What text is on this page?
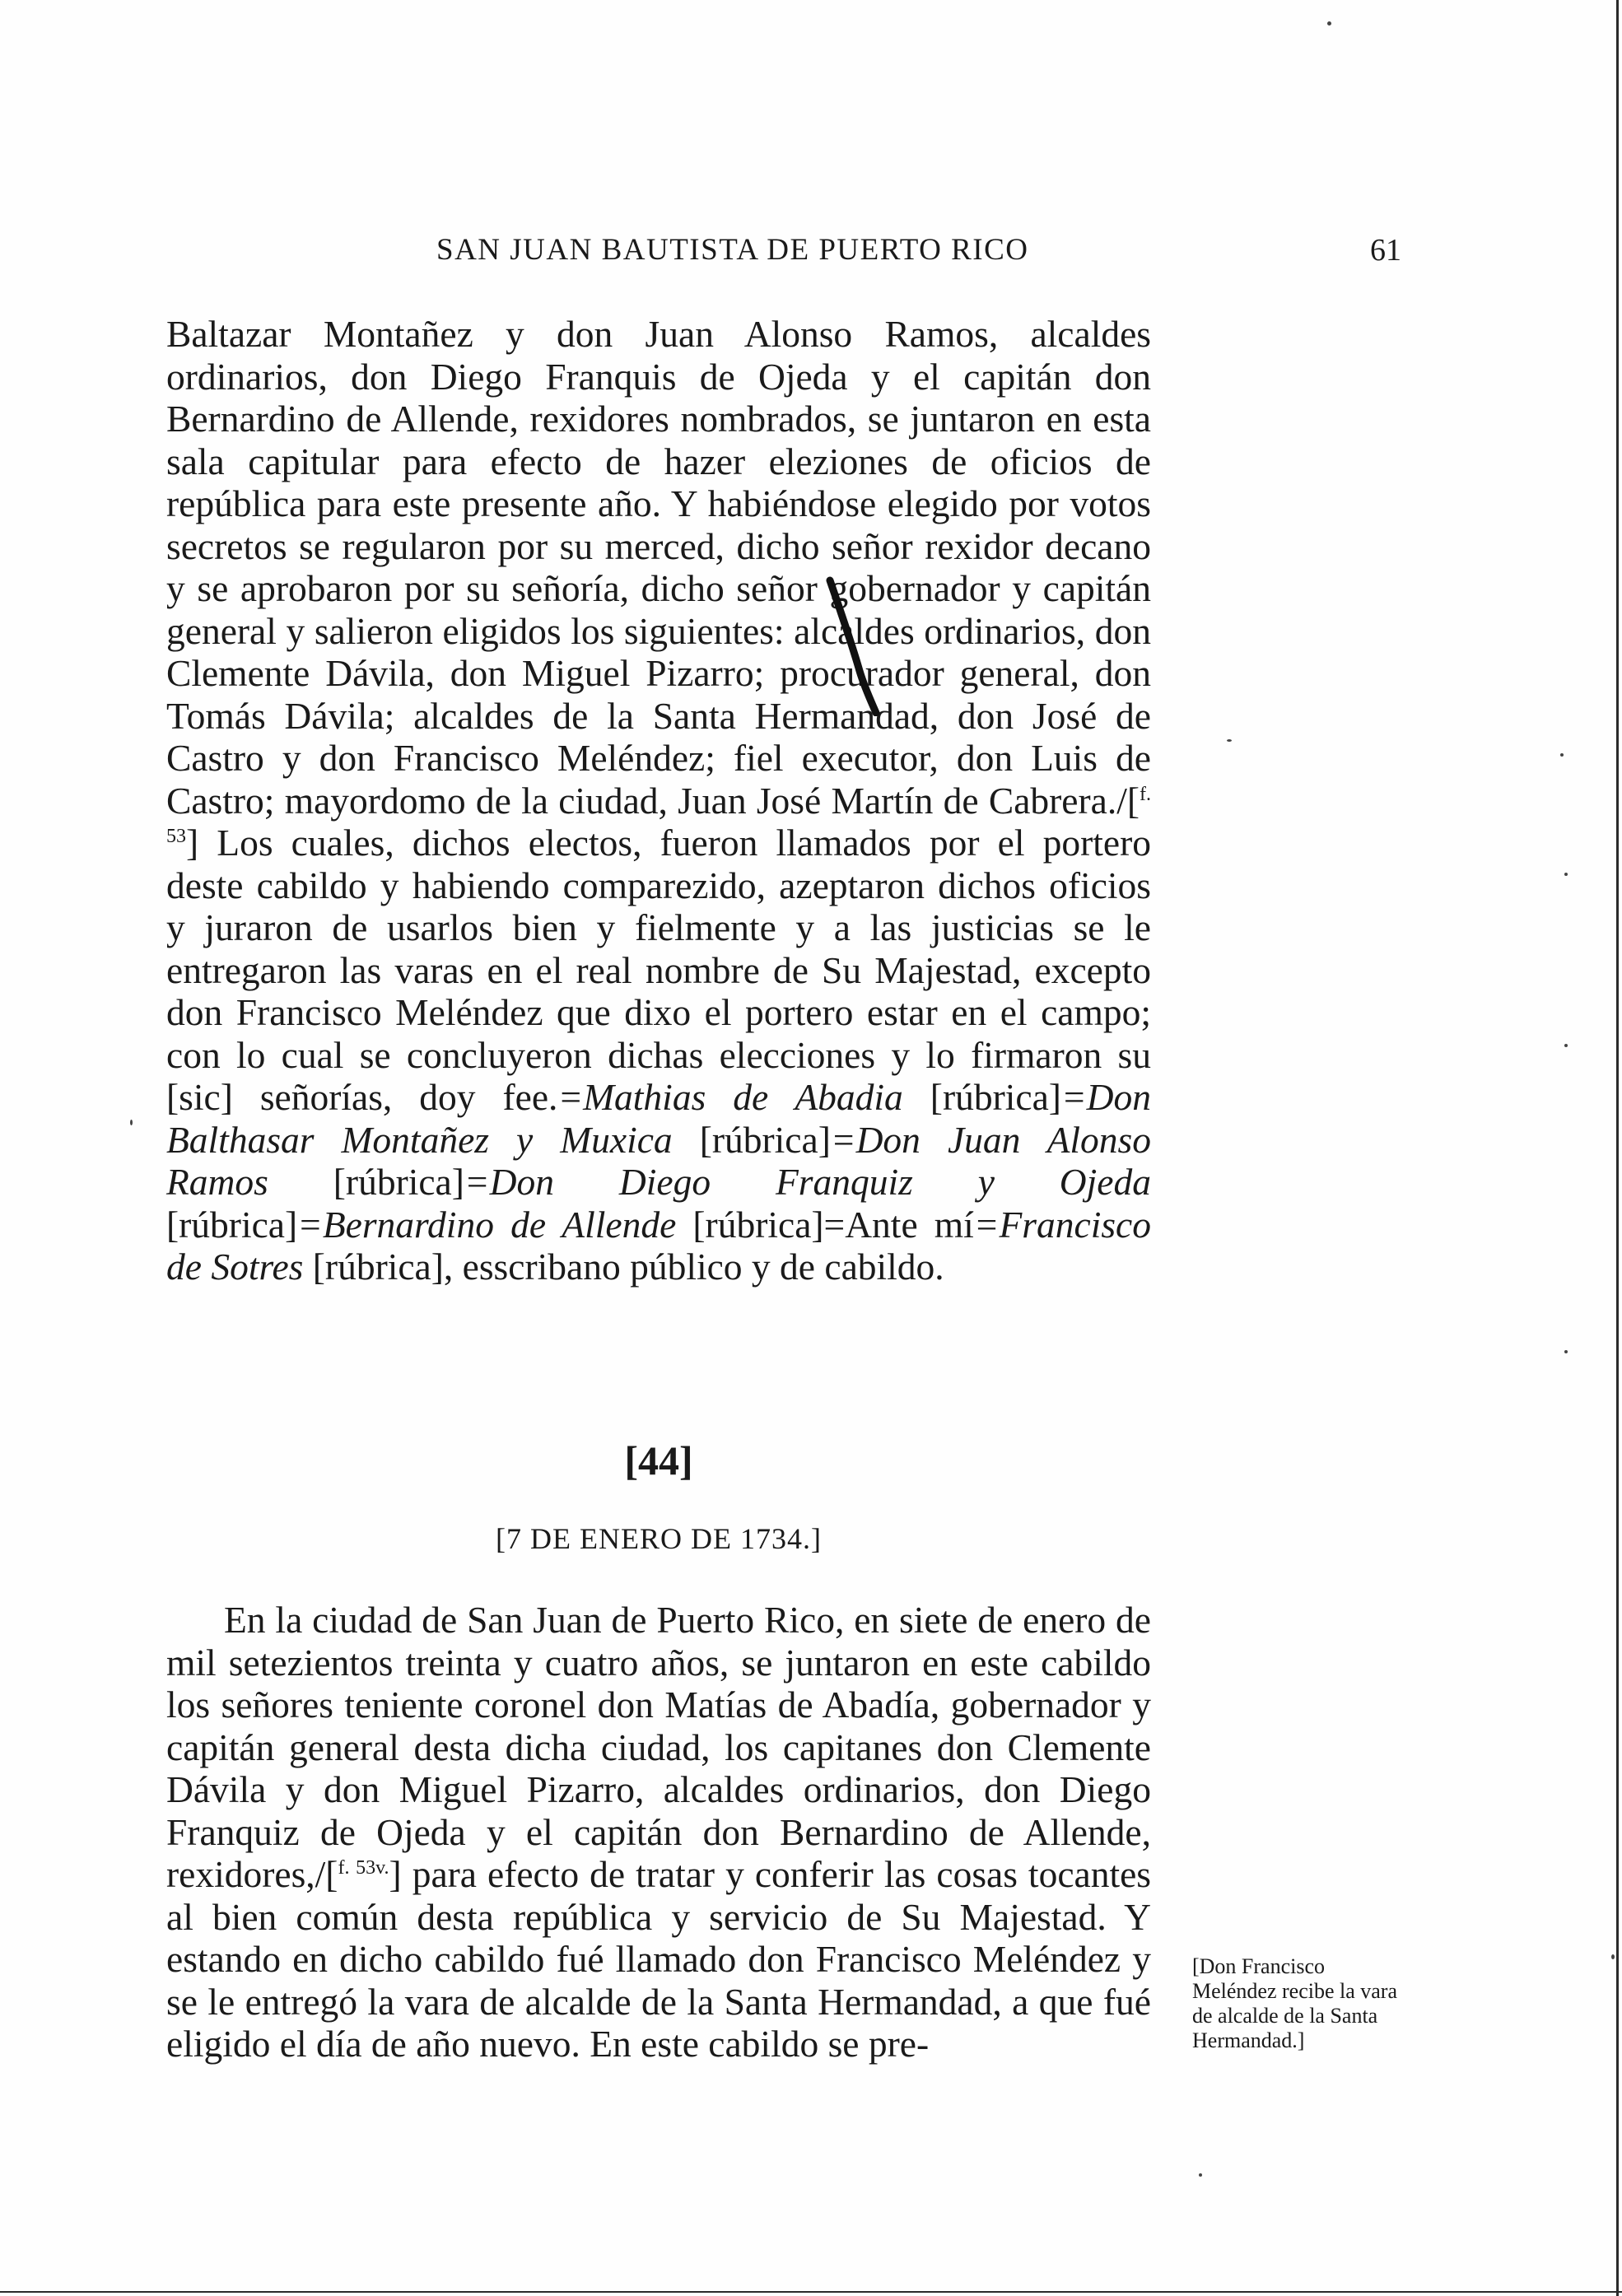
SAN JUAN BAUTISTA DE PUERTO RICO	61

Baltazar Montañez y don Juan Alonso Ramos, alcaldes ordinarios, don Diego Franquis de Ojeda y el capitán don Bernardino de Allende, rexidores nombrados, se juntaron en esta sala capitular para efecto de hazer eleziones de oficios de república para este presente año. Y habiéndose elegido por votos secretos se regularon por su merced, dicho señor rexidor decano y se aprobaron por su señoría, dicho señor gobernador y capitán general y salieron eligidos los siguientes: alcaldes ordinarios, don Clemente Dávila, don Miguel Pizarro; procurador general, don Tomás Dávila; alcaldes de la Santa Hermandad, don José de Castro y don Francisco Meléndez; fiel executor, don Luis de Castro; mayordomo de la ciudad, Juan José Martín de Cabrera./[$^{f. 53}$] Los cuales, dichos electos, fueron llamados por el portero deste cabildo y habiendo comparezido, azeptaron dichos oficios y juraron de usarlos bien y fielmente y a las justicias se le entregaron las varas en el real nombre de Su Majestad, excepto don Francisco Meléndez que dixo el portero estar en el campo; con lo cual se concluyeron dichas elecciones y lo firmaron su [sic] señorías, doy fee.=Mathias de Abadia [rúbrica]=Don Balthasar Montañez y Muxica [rúbrica]=Don Juan Alonso Ramos [rúbrica]=Don Diego Franquiz y Ojeda [rúbrica]=Bernardino de Allende [rúbrica]=Ante mí=Francisco de Sotres [rúbrica], esscribano público y de cabildo.

[44]
[7 DE ENERO DE 1734.]

En la ciudad de San Juan de Puerto Rico, en siete de enero de mil setezientos treinta y cuatro años, se juntaron en este cabildo los señores teniente coronel don Matías de Abadía, gobernador y capitán general desta dicha ciudad, los capitanes don Clemente Dávila y don Miguel Pizarro, alcaldes ordinarios, don Diego Franquiz de Ojeda y el capitán don Bernardino de Allende, rexidores,/[$^{f. 53v.}$] para efecto de tratar y conferir las cosas tocantes al bien común desta república y servicio de Su Majestad. Y estando en dicho cabildo fué llamado don Francisco Meléndez y se le entregó la vara de alcalde de la Santa Hermandad, a que fué eligido el día de año nuevo. En este cabildo se pre-

[Don Francisco Meléndez recibe la vara de alcalde de la Santa Hermandad.]
